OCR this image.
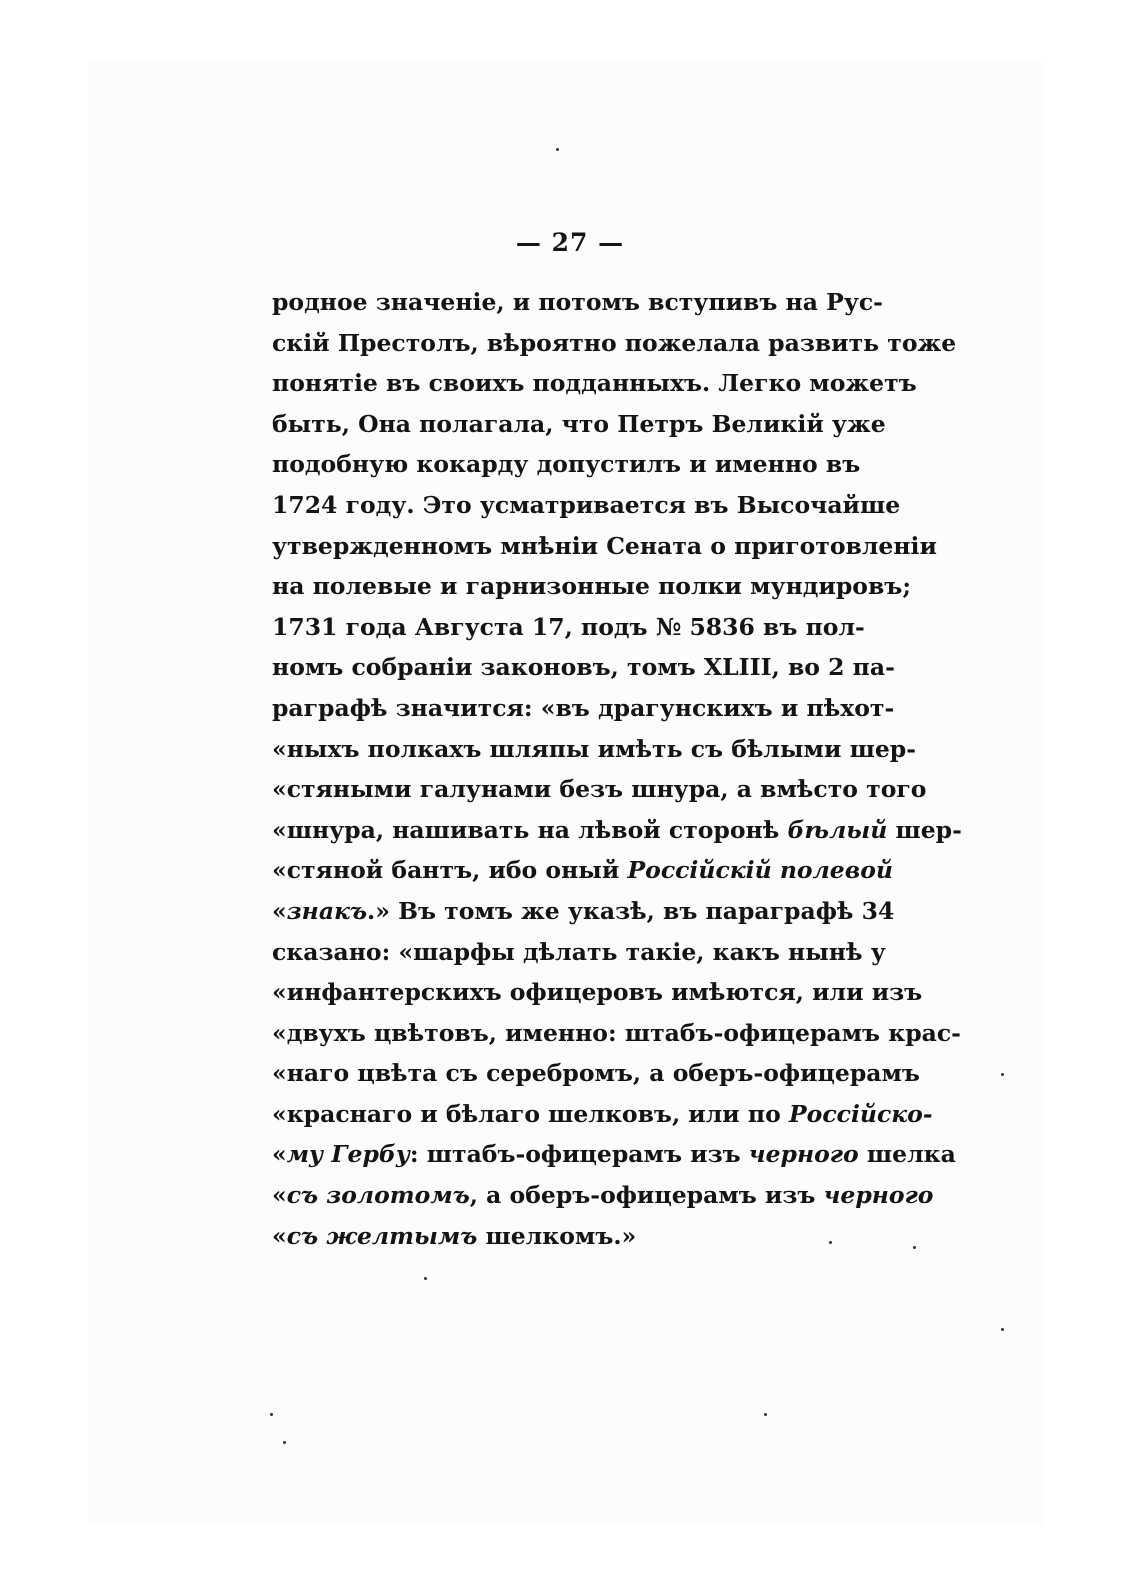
— 27 —
родное значеніе, и потомъ вступивъ на Рус-
скій Престолъ, вѣроятно пожелала развить тоже
понятіе въ своихъ подданныхъ. Легко можетъ
быть, Она полагала, что Петръ Великій уже
подобную кокарду допустилъ и именно въ
1724 году. Это усматривается въ Высочайше
утвержденномъ мнѣніи Сената о приготовленіи
на полевые и гарнизонные полки мундировъ;
1731 года Августа 17, подъ № 5836 въ пол-
номъ собраніи законовъ, томъ XLIII, во 2 па-
раграфѣ значится: «въ драгунскихъ и пѣхот-
«ныхъ полкахъ шляпы имѣть съ бѣлыми шер-
«стяными галунами безъ шнура, а вмѣсто того
«шнура, нашивать на лѣвой сторонѣ бѣлый шер-
«стяной бантъ, ибо оный Россійскій полевой
«знакъ.» Въ томъ же указѣ, въ параграфѣ 34
сказано: «шарфы дѣлать такіе, какъ нынѣ у
«инфантерскихъ офицеровъ имѣются, или изъ
«двухъ цвѣтовъ, именно: штабъ-офицерамъ крас-
«наго цвѣта съ серебромъ, а оберъ-офицерамъ
«краснаго и бѣлаго шелковъ, или по Россійско-
«му Гербу: штабъ-офицерамъ изъ черного шелка
«съ золотомъ, а оберъ-офицерамъ изъ черного
«съ желтымъ шелкомъ.»
